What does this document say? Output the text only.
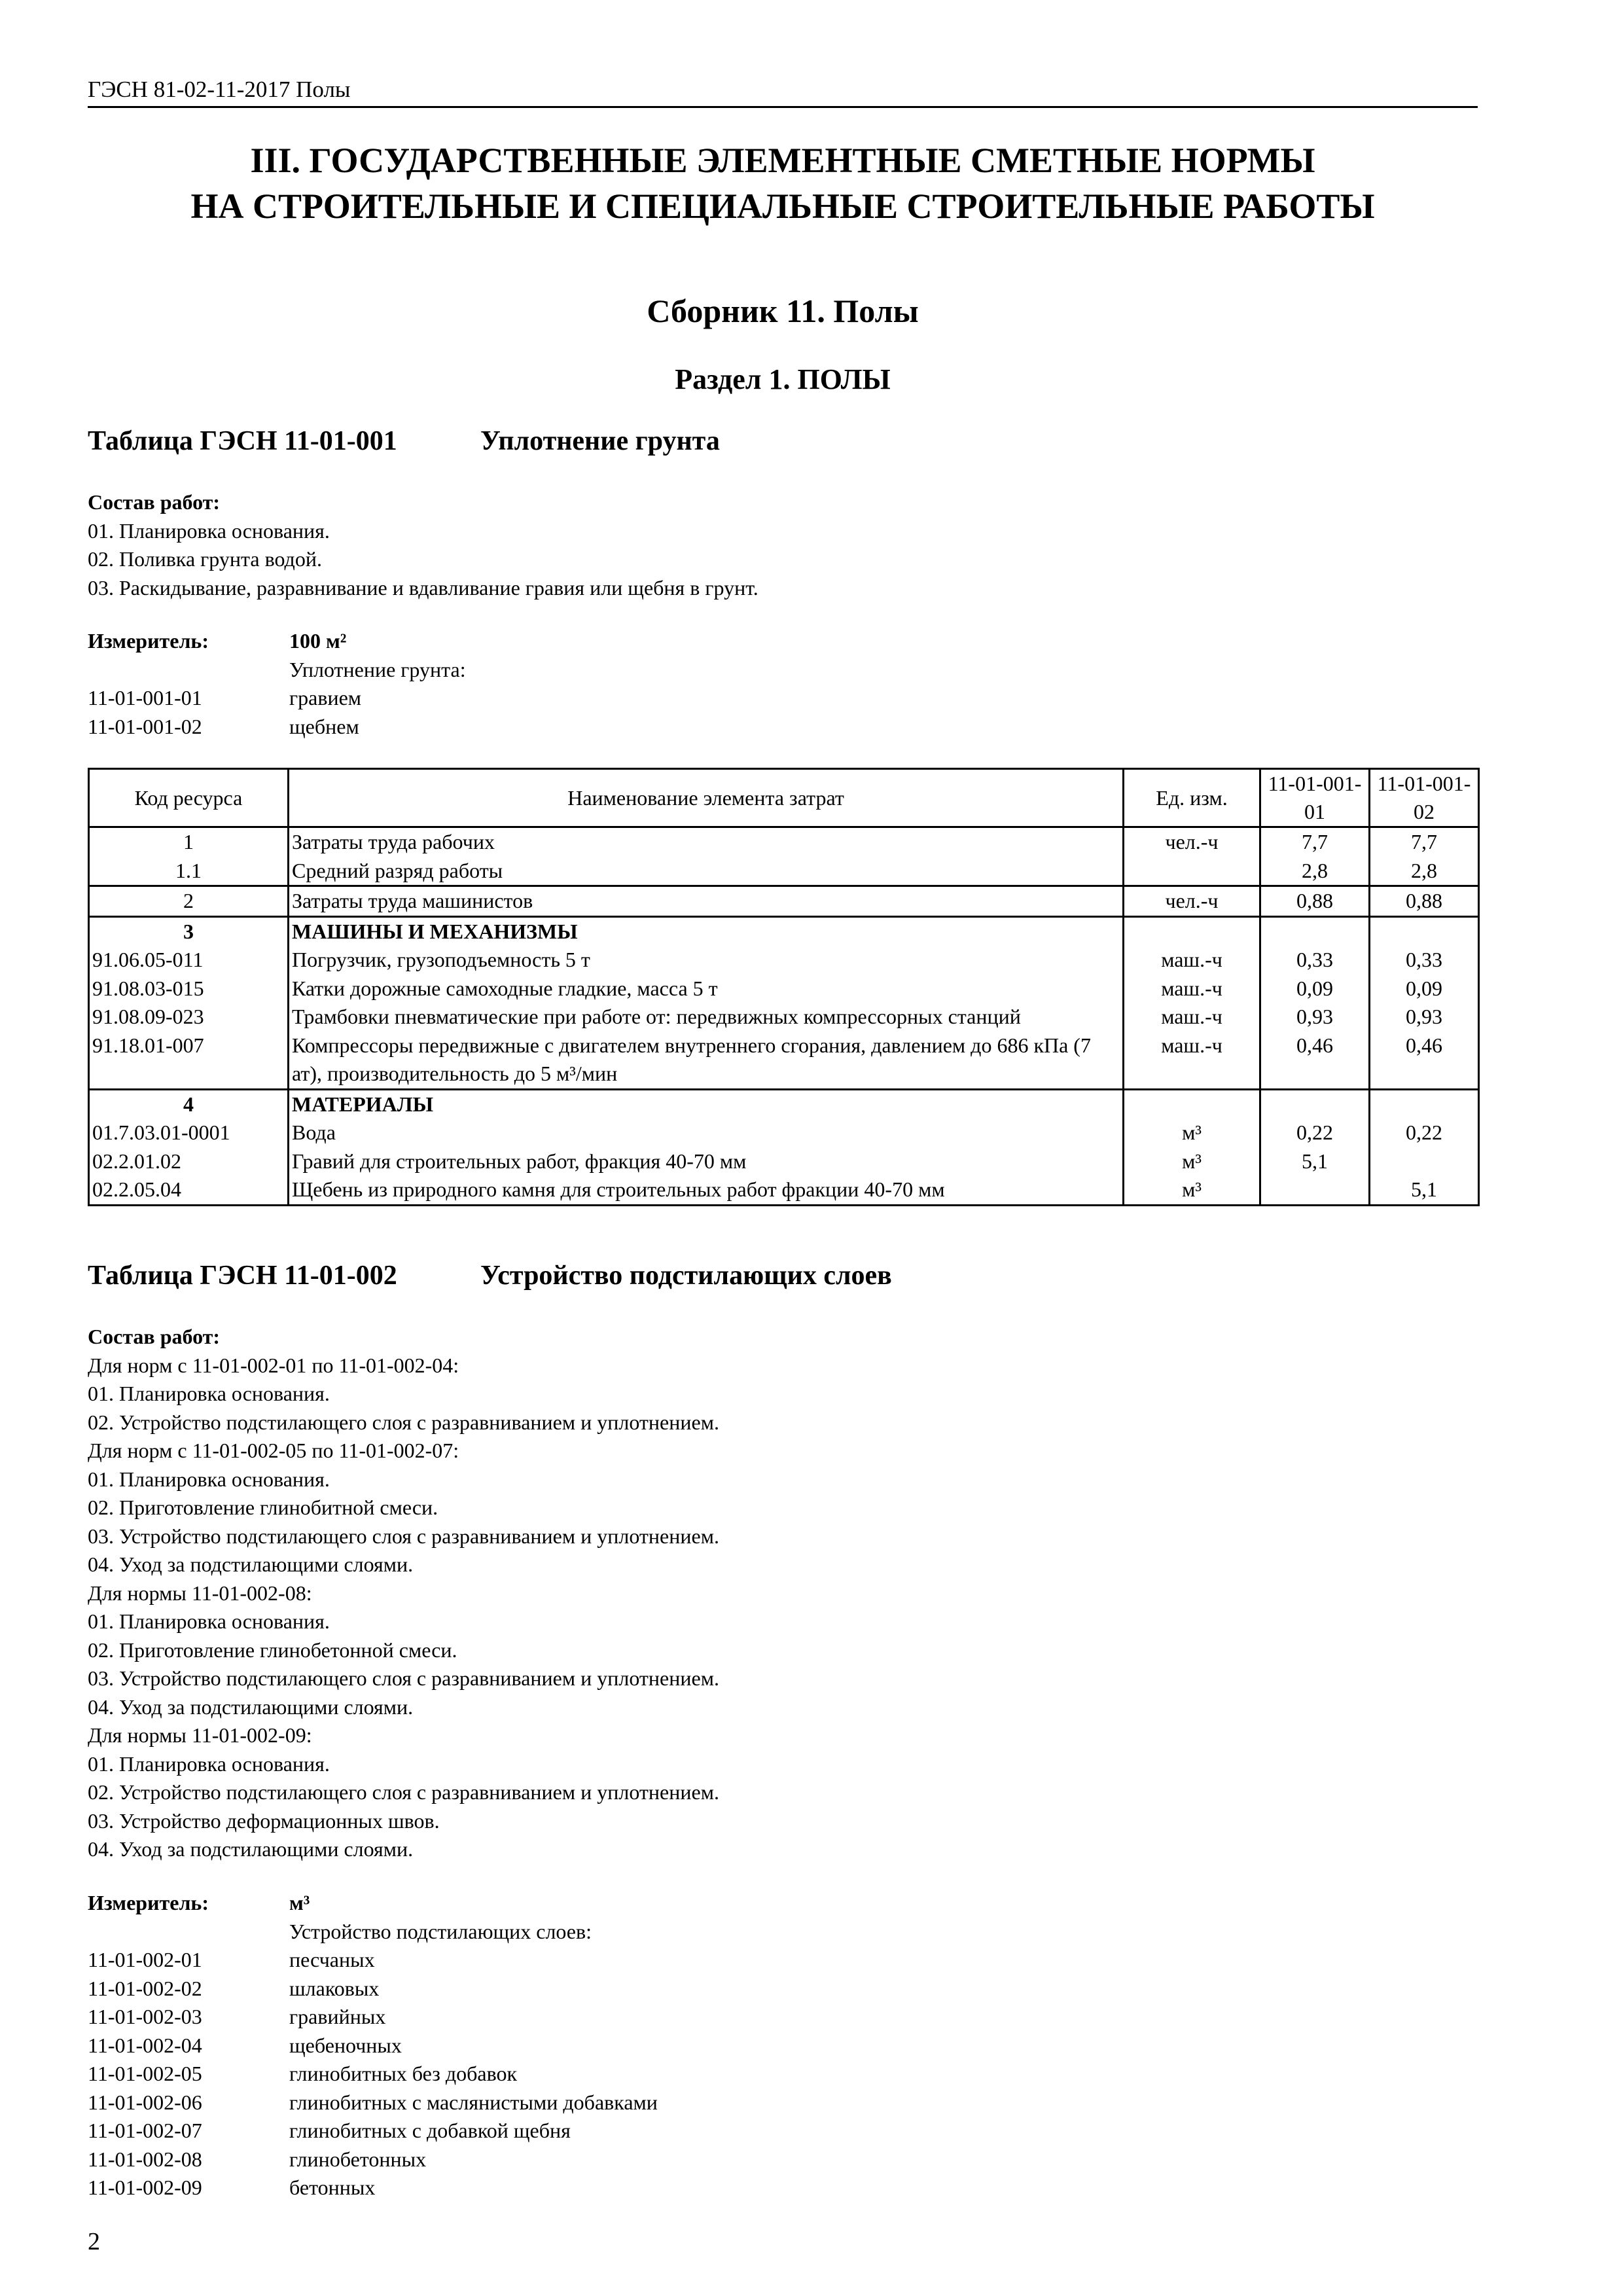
ГЭСН 81-02-11-2017 Полы
III. ГОСУДАРСТВЕННЫЕ ЭЛЕМЕНТНЫЕ СМЕТНЫЕ НОРМЫ
НА СТРОИТЕЛЬНЫЕ И СПЕЦИАЛЬНЫЕ СТРОИТЕЛЬНЫЕ РАБОТЫ
Сборник 11. Полы
Раздел 1. ПОЛЫ
Таблица ГЭСН 11-01-001	Уплотнение грунта
Состав работ:
01. Планировка основания.
02. Поливка грунта водой.
03. Раскидывание, разравнивание и вдавливание гравия или щебня в грунт.
Измеритель:	100 м²
Уплотнение грунта:
11-01-001-01	гравием
11-01-001-02	щебнем
Код ресурса	Наименование элемента затрат	Ед. изм.	11-01-001-01	11-01-001-02
1	Затраты труда рабочих	чел.-ч	7,7	7,7
1.1	Средний разряд работы		2,8	2,8
2	Затраты труда машинистов	чел.-ч	0,88	0,88
3	МАШИНЫ И МЕХАНИЗМЫ			
91.06.05-011	Погрузчик, грузоподъемность 5 т	маш.-ч	0,33	0,33
91.08.03-015	Катки дорожные самоходные гладкие, масса 5 т	маш.-ч	0,09	0,09
91.08.09-023	Трамбовки пневматические при работе от: передвижных компрессорных станций	маш.-ч	0,93	0,93
91.18.01-007	Компрессоры передвижные с двигателем внутреннего сгорания, давлением до 686 кПа (7 ат), производительность до 5 м³/мин	маш.-ч	0,46	0,46
4	МАТЕРИАЛЫ			
01.7.03.01-0001	Вода	м³	0,22	0,22
02.2.01.02	Гравий для строительных работ, фракция 40-70 мм	м³	5,1	
02.2.05.04	Щебень из природного камня для строительных работ фракции 40-70 мм	м³		5,1
Таблица ГЭСН 11-01-002	Устройство подстилающих слоев
Состав работ:
Для норм с 11-01-002-01 по 11-01-002-04:
01. Планировка основания.
02. Устройство подстилающего слоя с разравниванием и уплотнением.
Для норм с 11-01-002-05 по 11-01-002-07:
01. Планировка основания.
02. Приготовление глинобитной смеси.
03. Устройство подстилающего слоя с разравниванием и уплотнением.
04. Уход за подстилающими слоями.
Для нормы 11-01-002-08:
01. Планировка основания.
02. Приготовление глинобетонной смеси.
03. Устройство подстилающего слоя с разравниванием и уплотнением.
04. Уход за подстилающими слоями.
Для нормы 11-01-002-09:
01. Планировка основания.
02. Устройство подстилающего слоя с разравниванием и уплотнением.
03. Устройство деформационных швов.
04. Уход за подстилающими слоями.
Измеритель:	м³
Устройство подстилающих слоев:
11-01-002-01	песчаных
11-01-002-02	шлаковых
11-01-002-03	гравийных
11-01-002-04	щебеночных
11-01-002-05	глинобитных без добавок
11-01-002-06	глинобитных с маслянистыми добавками
11-01-002-07	глинобитных с добавкой щебня
11-01-002-08	глинобетонных
11-01-002-09	бетонных
2
